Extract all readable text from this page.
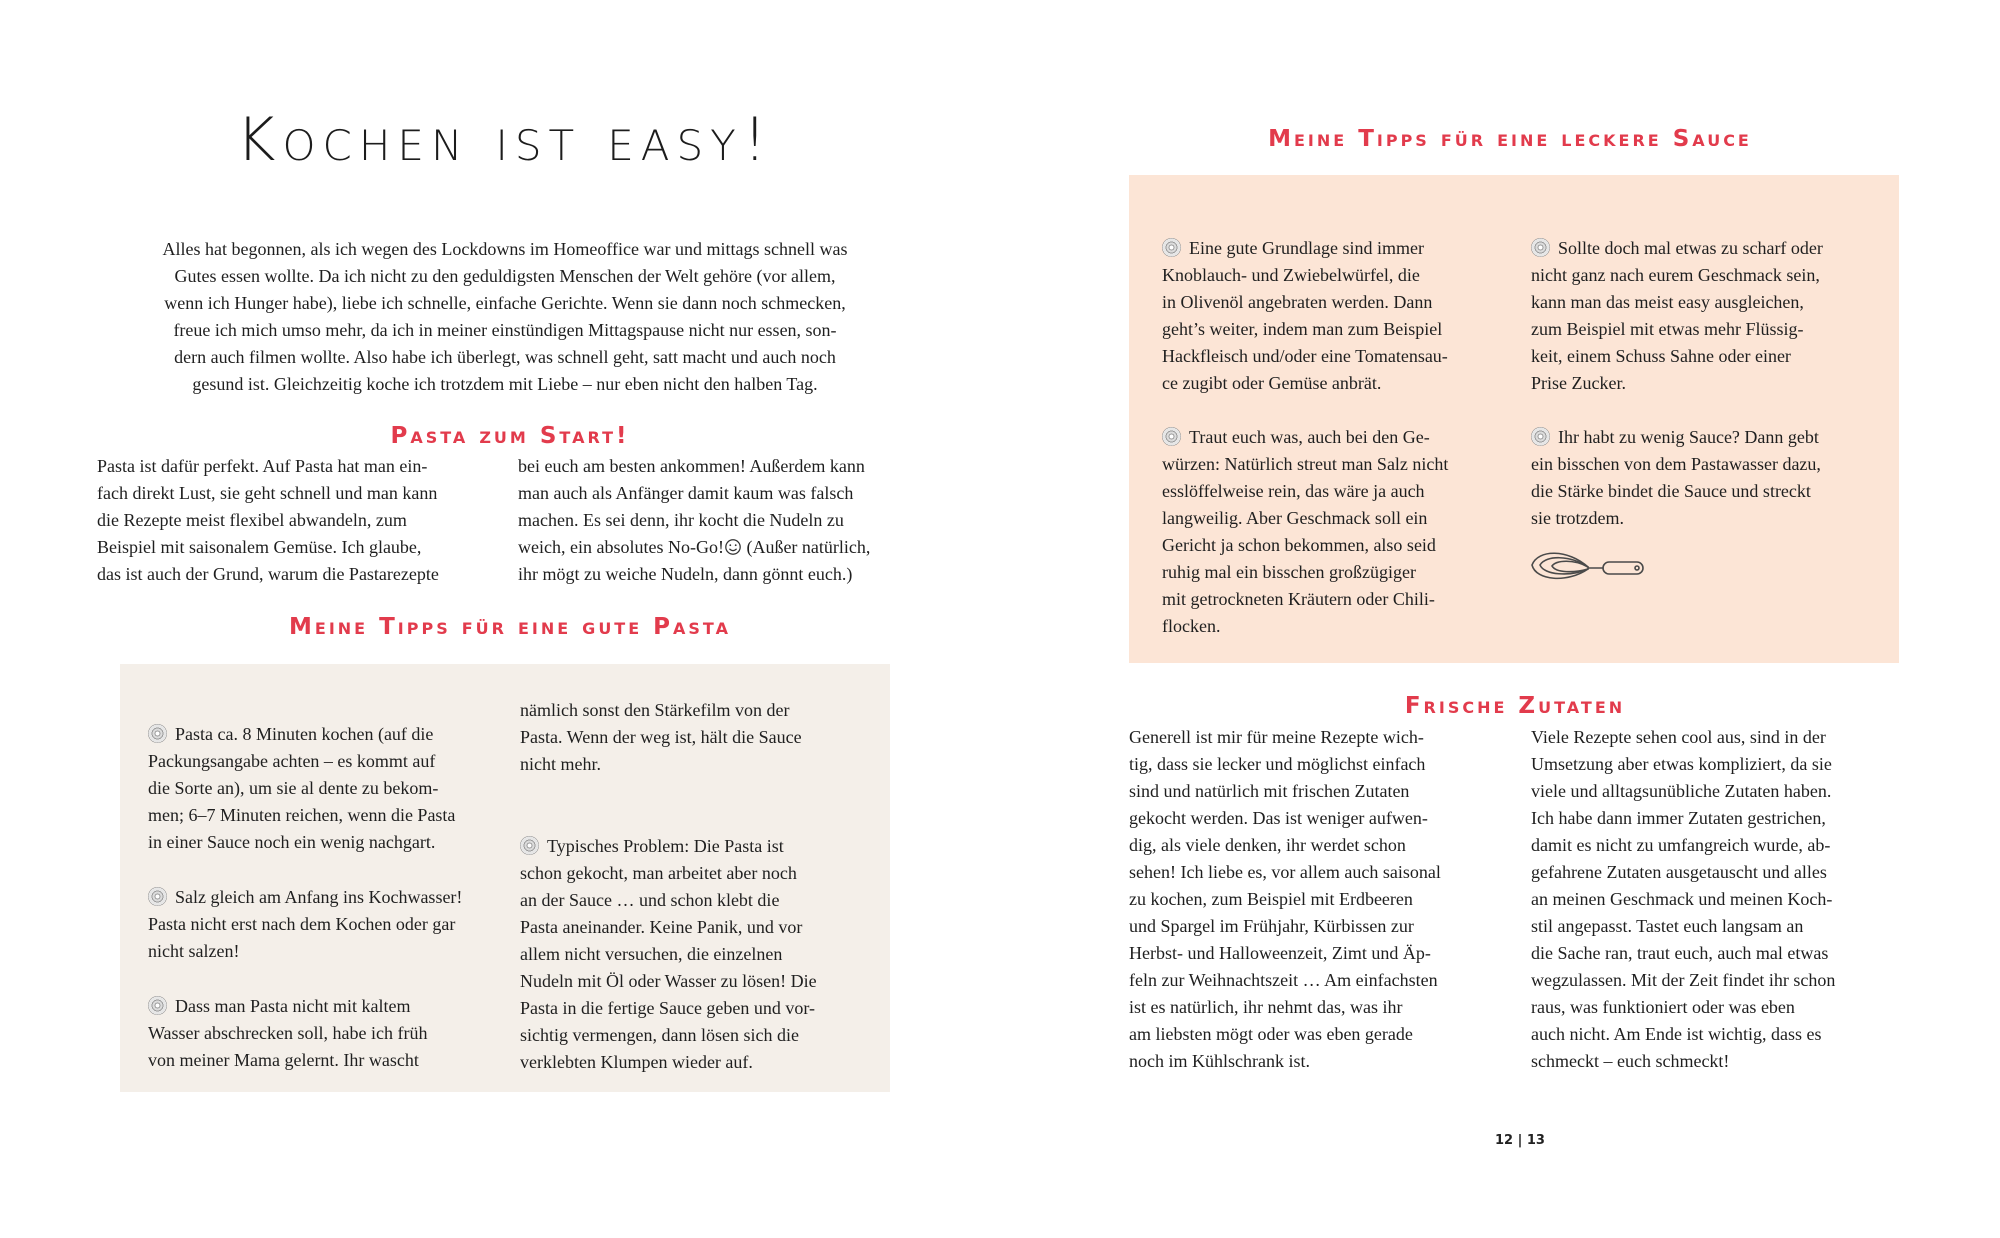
Kochen ist easy!

Alles hat begonnen, als ich wegen des Lockdowns im Homeoffice war und mittags schnell was
Gutes essen wollte. Da ich nicht zu den geduldigsten Menschen der Welt gehöre (vor allem,
wenn ich Hunger habe), liebe ich schnelle, einfache Gerichte. Wenn sie dann noch schmecken,
freue ich mich umso mehr, da ich in meiner einstündigen Mittagspause nicht nur essen, son-
dern auch filmen wollte. Also habe ich überlegt, was schnell geht, satt macht und auch noch
gesund ist. Gleichzeitig koche ich trotzdem mit Liebe – nur eben nicht den halben Tag.

Pasta zum Start!

Pasta ist dafür perfekt. Auf Pasta hat man ein-
fach direkt Lust, sie geht schnell und man kann
die Rezepte meist flexibel abwandeln, zum
Beispiel mit saisonalem Gemüse. Ich glaube,
das ist auch der Grund, warum die Pastarezepte

bei euch am besten ankommen! Außerdem kann
man auch als Anfänger damit kaum was falsch
machen. Es sei denn, ihr kocht die Nudeln zu
weich, ein absolutes No-Go! (Außer natürlich,
ihr mögt zu weiche Nudeln, dann gönnt euch.)

Meine Tipps für eine gute Pasta

Pasta ca. 8 Minuten kochen (auf die
Packungsangabe achten – es kommt auf
die Sorte an), um sie al dente zu bekom-
men; 6–7 Minuten reichen, wenn die Pasta
in einer Sauce noch ein wenig nachgart.

Salz gleich am Anfang ins Kochwasser!
Pasta nicht erst nach dem Kochen oder gar
nicht salzen!

Dass man Pasta nicht mit kaltem
Wasser abschrecken soll, habe ich früh
von meiner Mama gelernt. Ihr wascht

nämlich sonst den Stärkefilm von der
Pasta. Wenn der weg ist, hält die Sauce
nicht mehr.

Typisches Problem: Die Pasta ist
schon gekocht, man arbeitet aber noch
an der Sauce … und schon klebt die
Pasta aneinander. Keine Panik, und vor
allem nicht versuchen, die einzelnen
Nudeln mit Öl oder Wasser zu lösen! Die
Pasta in die fertige Sauce geben und vor-
sichtig vermengen, dann lösen sich die
verklebten Klumpen wieder auf.

Meine Tipps für eine leckere Sauce

Eine gute Grundlage sind immer
Knoblauch- und Zwiebelwürfel, die
in Olivenöl angebraten werden. Dann
geht’s weiter, indem man zum Beispiel
Hackfleisch und/oder eine Tomatensau-
ce zugibt oder Gemüse anbrät.

Traut euch was, auch bei den Ge-
würzen: Natürlich streut man Salz nicht
esslöffelweise rein, das wäre ja auch
langweilig. Aber Geschmack soll ein
Gericht ja schon bekommen, also seid
ruhig mal ein bisschen großzügiger
mit getrockneten Kräutern oder Chili-
flocken.

Sollte doch mal etwas zu scharf oder
nicht ganz nach eurem Geschmack sein,
kann man das meist easy ausgleichen,
zum Beispiel mit etwas mehr Flüssig-
keit, einem Schuss Sahne oder einer
Prise Zucker.

Ihr habt zu wenig Sauce? Dann gebt
ein bisschen von dem Pastawasser dazu,
die Stärke bindet die Sauce und streckt
sie trotzdem.

Frische Zutaten

Generell ist mir für meine Rezepte wich-
tig, dass sie lecker und möglichst einfach
sind und natürlich mit frischen Zutaten
gekocht werden. Das ist weniger aufwen-
dig, als viele denken, ihr werdet schon
sehen! Ich liebe es, vor allem auch saisonal
zu kochen, zum Beispiel mit Erdbeeren
und Spargel im Frühjahr, Kürbissen zur
Herbst- und Halloweenzeit, Zimt und Äp-
feln zur Weihnachtszeit … Am einfachsten
ist es natürlich, ihr nehmt das, was ihr
am liebsten mögt oder was eben gerade
noch im Kühlschrank ist.

Viele Rezepte sehen cool aus, sind in der
Umsetzung aber etwas kompliziert, da sie
viele und alltagsunübliche Zutaten haben.
Ich habe dann immer Zutaten gestrichen,
damit es nicht zu umfangreich wurde, ab-
gefahrene Zutaten ausgetauscht und alles
an meinen Geschmack und meinen Koch-
stil angepasst. Tastet euch langsam an
die Sache ran, traut euch, auch mal etwas
wegzulassen. Mit der Zeit findet ihr schon
raus, was funktioniert oder was eben
auch nicht. Am Ende ist wichtig, dass es
schmeckt – euch schmeckt!

12 | 13
